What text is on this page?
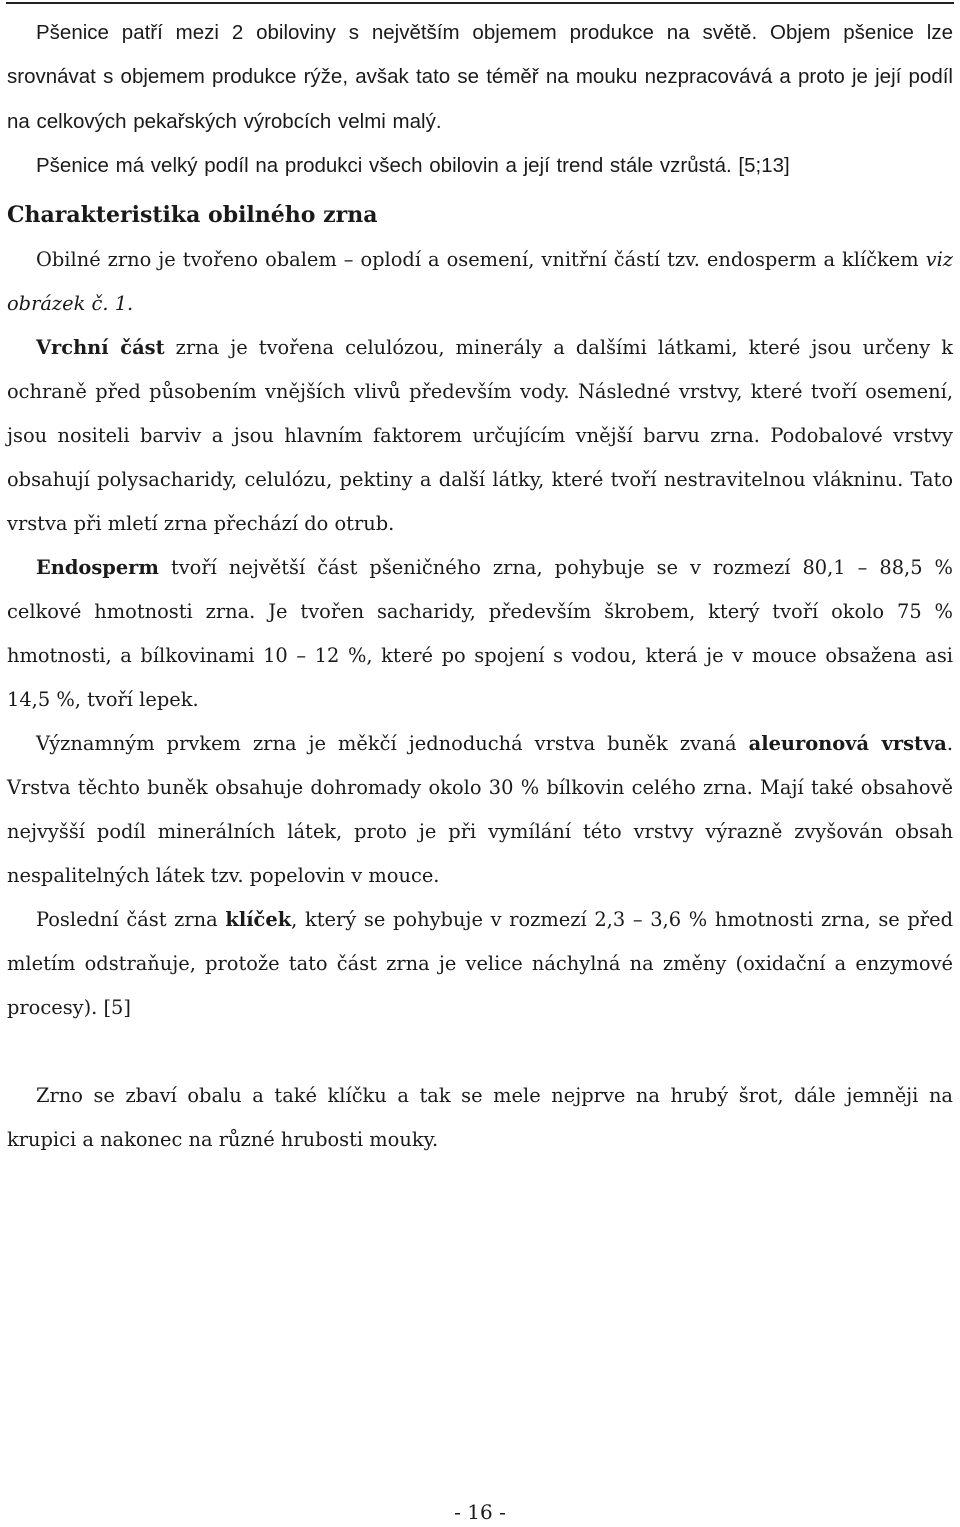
Pšenice patří mezi 2 obiloviny s největším objemem produkce na světě. Objem pšenice lze srovnávat s objemem produkce rýže, avšak tato se téměř na mouku nezpracovává a proto je její podíl na celkových pekařských výrobcích velmi malý.

Pšenice má velký podíl na produkci všech obilovin a její trend stále vzrůstá. [5;13]

Charakteristika obilného zrna

Obilné zrno je tvořeno obalem – oplodí a osemení, vnitřní částí tzv. endosperm a klíčkem viz obrázek č. 1.

Vrchní část zrna je tvořena celulózou, minerály a dalšími látkami, které jsou určeny k ochraně před působením vnějších vlivů především vody. Následné vrstvy, které tvoří osemení, jsou nositeli barviv a jsou hlavním faktorem určujícím vnější barvu zrna. Podobalové vrstvy obsahují polysacharidy, celulózu, pektiny a další látky, které tvoří nestravitelnou vlákninu. Tato vrstva při mletí zrna přechází do otrub.

Endosperm tvoří největší část pšeničného zrna, pohybuje se v rozmezí 80,1 – 88,5 % celkové hmotnosti zrna. Je tvořen sacharidy, především škrobem, který tvoří okolo 75 % hmotnosti, a bílkovinami 10 – 12 %, které po spojení s vodou, která je v mouce obsažena asi 14,5 %, tvoří lepek.

Významným prvkem zrna je měkčí jednoduchá vrstva buněk zvaná aleuronová vrstva. Vrstva těchto buněk obsahuje dohromady okolo 30 % bílkovin celého zrna. Mají také obsahově nejvyšší podíl minerálních látek, proto je při vymílání této vrstvy výrazně zvyšován obsah nespalitelných látek tzv. popelovin v mouce.

Poslední část zrna klíček, který se pohybuje v rozmezí 2,3 – 3,6 % hmotnosti zrna, se před mletím odstraňuje, protože tato část zrna je velice náchylná na změny (oxidační a enzymové procesy). [5]

Zrno se zbaví obalu a také klíčku a tak se mele nejprve na hrubý šrot, dále jemněji na krupici a nakonec na různé hrubosti mouky.

- 16 -
